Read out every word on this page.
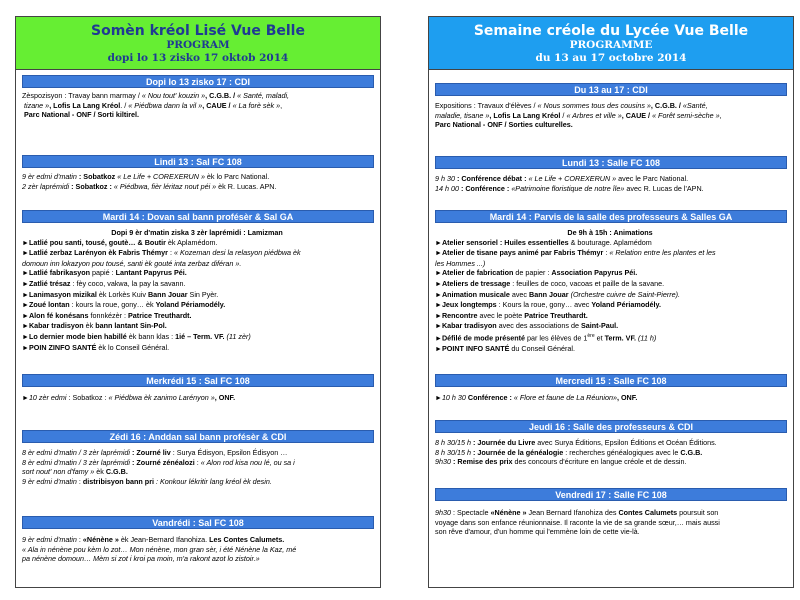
Somèn kréol Lisé Vue Belle
PROGRAM
dopi lo 13 zisko 17 oktob 2014
Dopi lo 13 zisko 17 : CDI

Zèspozisyon : Travay bann marmay / « Nou tout' kouzin », C.G.B. / « Santé, maladi,

tizane », Lofis La Lang Kréol. / « Piédbwa dann la vil », CAUE / « La forè sèk »,

Parc National - ONF / Sorti kiltirel.

Lindi 13 : Sal FC 108

9 èr edmi d'matin : Sobatkoz « Le Life + COREXERUN » èk lo Parc National.

2 zèr laprémidi : Sobatkoz : « Piédbwa, fièr léritaz nout péi » èk R. Lucas. APN.

Mardi 14 : Dovan sal bann profésèr & Sal GA

Dopi 9 èr d'matin ziska 3 zèr laprémidi : Lamizman

►Latlié pou santi, tousé, goutè… & Boutir èk Aplamédom.

►Latlié zerbaz Larényon èk Fabris Thémyr : « Kozeman desi la relasyon piédbwa èk

domoun inn lokazyon pou tousé, santi èk gouté inta zerbaz diféran ».

►Latlié fabrikasyon papié : Lantant Papyrus Péi.

►Zatlié trésaz : fèy coco, vakwa, la pay la savann.

►Lanimasyon mizikal èk Lorkès Kuiv Bann Jouar Sin Pyèr.

►Zoué lontan : kours la roue, gony… èk Yoland Périamodély.

►Alon fé konésans fonnkézèr : Patrice Treuthardt.

►Kabar tradisyon èk bann lantant Sin-Pol.

►Lo dernier mode bien habillé èk bann klas : 1ié – Term. VF. (11 zèr)

►POIN ZINFO SANTÉ èk lo Conseil Général.

Merkrédi 15 : Sal FC 108

►10 zèr edmi : Sobatkoz : « Piédbwa èk zanimo Larényon », ONF.

Zédi 16 : Anddan sal bann profésèr & CDI

8 èr edmi d'matin / 3 zèr laprémidi : Zourné liv : Surya Édisyon, Epsilon Édisyon …

8 èr edmi d'matin / 3 zèr laprémidi : Zourné zénéalozi : « Alon rod kisa nou lé, ou sa i

sort nout' non d'famy » èk C.G.B.

9 èr edmi d'matin : distribisyon bann pri : Konkour lékritir lang kréol èk desin.

Vandrédi : Sal FC 108

9 èr edmi d'matin : «Nénène » èk Jean-Bernard Ifanohiza. Les Contes Calumets.

« Ala in nénène pou kèm lo zot… Mon nénène, mon gran sèr, i été Nénène la Kaz, mé

pa nénène domoun… Mèm si zot i kroi pa moin, m'a rakont azot lo zistoir.»

Semaine créole du Lycée Vue Belle
PROGRAMME
du 13 au 17 octobre 2014
Du 13 au 17 : CDI

Expositions : Travaux d'élèves / « Nous sommes tous des cousins », C.G.B. / «Santé,

maladie, tisane », Lofis La Lang Kréol / « Arbres et ville », CAUE / « Forêt semi-sèche »,

Parc National - ONF / Sorties culturelles.

Lundi 13 : Salle FC 108

9 h 30 : Conférence débat : « Le Life + COREXERUN » avec le Parc National.

14 h 00 : Conférence : «Patrimoine floristique de notre île» avec R. Lucas de l'APN.

Mardi 14 : Parvis de la salle des professeurs & Salles GA

De 9h à 15h : Animations

►Atelier sensoriel : Huiles essentielles & bouturage. Aplamédom

►Atelier de tisane pays animé par Fabris Thémyr : « Relation entre les plantes et les

les Hommes ...)

►Atelier de fabrication de papier : Association Papyrus Péi.

►Ateliers de tressage : feuilles de coco, vacoas et paille de la savane.

►Animation musicale avec Bann Jouar (Orchestre cuivre de Saint-Pierre).

►Jeux longtemps : Kours la roue, gony… avec Yoland Périamodély.

►Rencontre avec le poète Patrice Treuthardt.

►Kabar tradisyon avec des associations de Saint-Paul.

►Défilé de mode présenté par les élèves de 1ère et Term. VF. (11 h)

►POINT INFO SANTÉ du Conseil Général.

Mercredi 15 : Salle FC 108

►10 h 30 Conférence : « Flore et faune de La Réunion», ONF.

Jeudi 16 : Salle des professeurs & CDI

8 h 30/15 h : Journée du Livre avec Surya Éditions, Epsilon Éditions et Océan Éditions.

8 h 30/15 h : Journée de la généalogie : recherches généalogiques avec le C.G.B.

9h30 : Remise des prix des concours d'écriture en langue créole et de dessin.

Vendredi 17 : Salle FC 108

9h30 : Spectacle «Nénène » Jean Bernard Ifanohiza des Contes Calumets poursuit son

voyage dans son enfance réunionnaise. Il raconte la vie de sa grande sœur,… mais aussi

son rêve d'amour, d'un homme qui l'emmène loin de cette vie-là.
